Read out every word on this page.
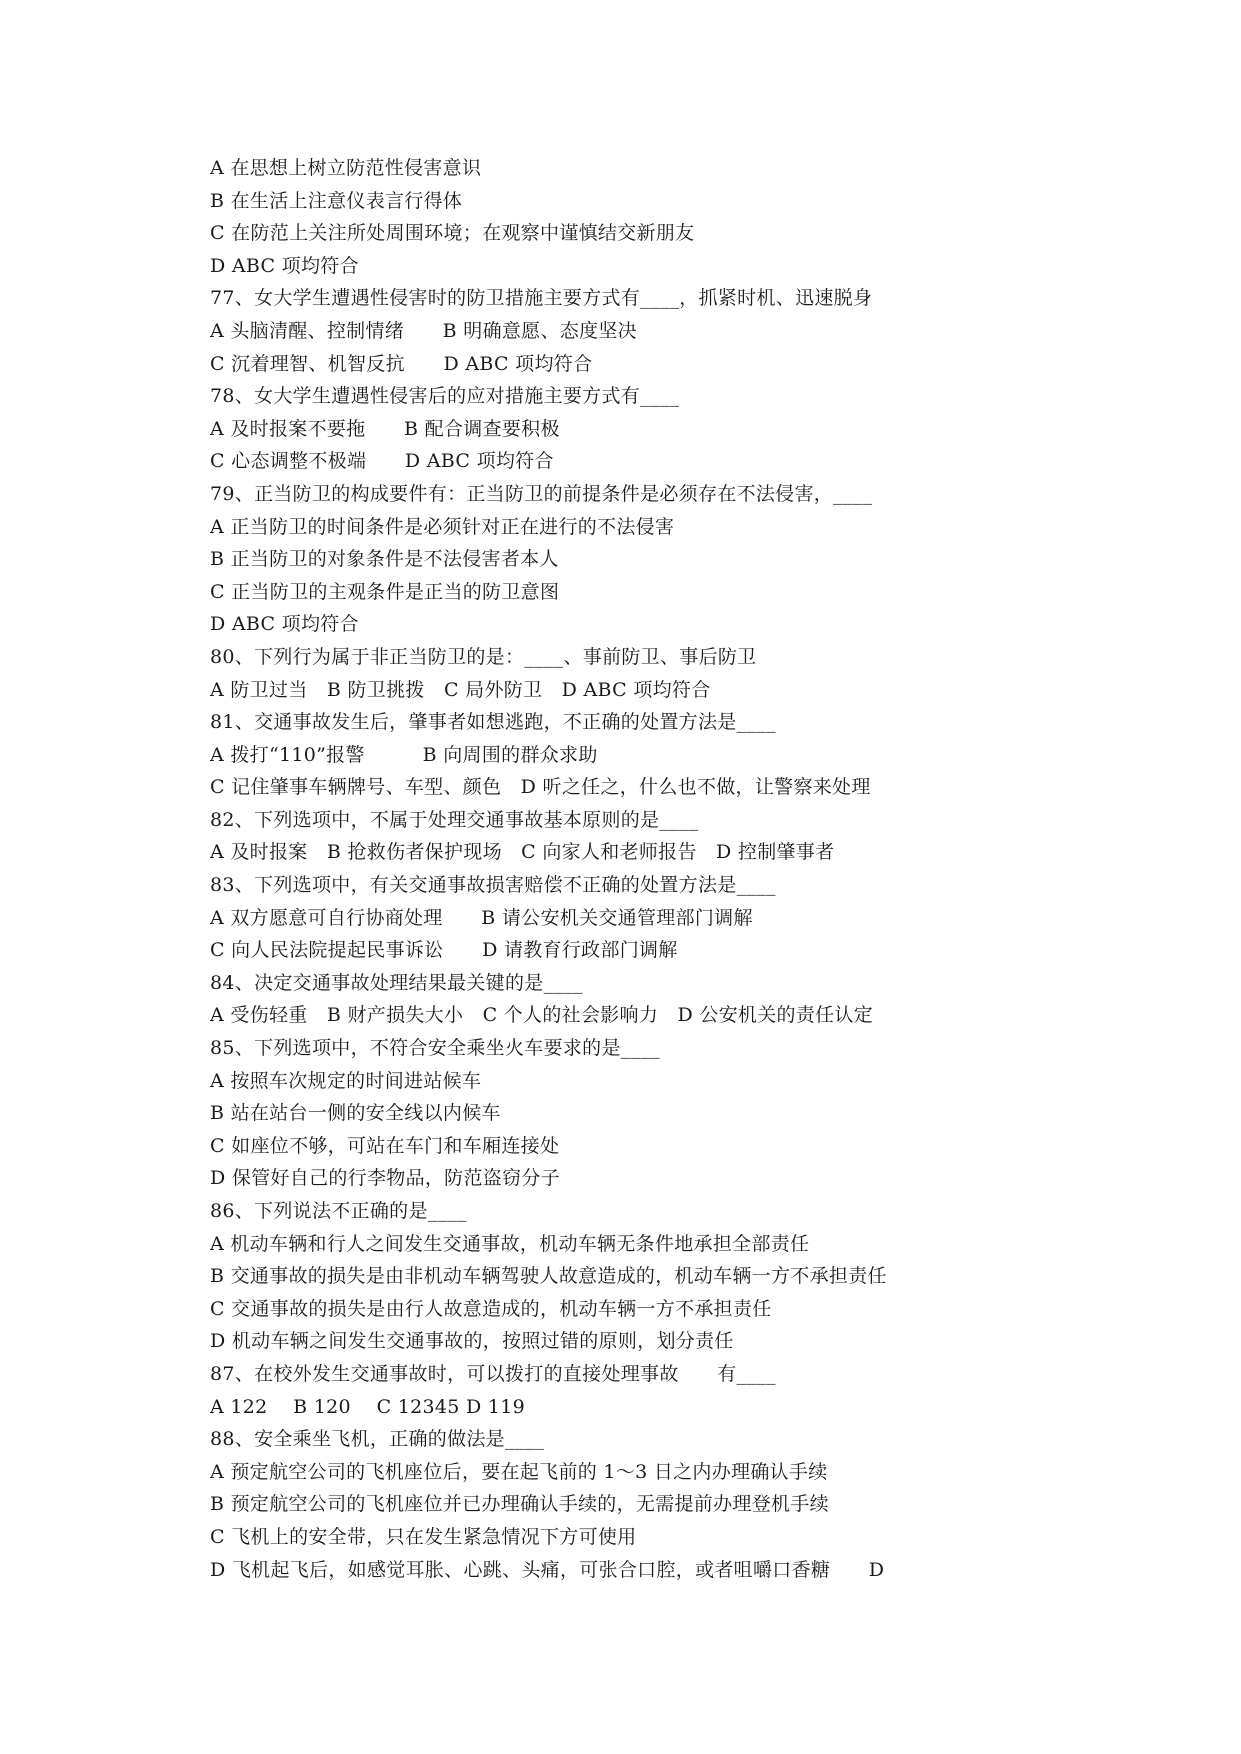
A 在思想上树立防范性侵害意识
B 在生活上注意仪表言行得体
C 在防范上关注所处周围环境；在观察中谨慎结交新朋友
D ABC 项均符合
77、女大学生遭遇性侵害时的防卫措施主要方式有____，抓紧时机、迅速脱身
A 头脑清醒、控制情绪　　B 明确意愿、态度坚决
C 沉着理智、机智反抗　　D ABC 项均符合
78、女大学生遭遇性侵害后的应对措施主要方式有____
A 及时报案不要拖　　B 配合调查要积极
C 心态调整不极端　　D ABC 项均符合
79、正当防卫的构成要件有：正当防卫的前提条件是必须存在不法侵害，____
A 正当防卫的时间条件是必须针对正在进行的不法侵害
B 正当防卫的对象条件是不法侵害者本人
C 正当防卫的主观条件是正当的防卫意图
D ABC 项均符合
80、下列行为属于非正当防卫的是：____、事前防卫、事后防卫
A 防卫过当　B 防卫挑拨　C 局外防卫　D ABC 项均符合
81、交通事故发生后，肇事者如想逃跑，不正确的处置方法是____
A 拨打“110”报警　　　B 向周围的群众求助
C 记住肇事车辆牌号、车型、颜色　D 听之任之，什么也不做，让警察来处理
82、下列选项中，不属于处理交通事故基本原则的是____
A 及时报案　B 抢救伤者保护现场　C 向家人和老师报告　D 控制肇事者
83、下列选项中，有关交通事故损害赔偿不正确的处置方法是____
A 双方愿意可自行协商处理　　B 请公安机关交通管理部门调解
C 向人民法院提起民事诉讼　　D 请教育行政部门调解
84、决定交通事故处理结果最关键的是____
A 受伤轻重　B 财产损失大小　C 个人的社会影响力　D 公安机关的责任认定
85、下列选项中，不符合安全乘坐火车要求的是____
A 按照车次规定的时间进站候车
B 站在站台一侧的安全线以内候车
C 如座位不够，可站在车门和车厢连接处
D 保管好自己的行李物品，防范盗窃分子
86、下列说法不正确的是____
A 机动车辆和行人之间发生交通事故，机动车辆无条件地承担全部责任
B 交通事故的损失是由非机动车辆驾驶人故意造成的，机动车辆一方不承担责任
C 交通事故的损失是由行人故意造成的，机动车辆一方不承担责任
D 机动车辆之间发生交通事故的，按照过错的原则，划分责任
87、在校外发生交通事故时，可以拨打的直接处理事故　　有____
A 122　 B 120　 C 12345 D 119
88、安全乘坐飞机，正确的做法是____
A 预定航空公司的飞机座位后，要在起飞前的 1～3 日之内办理确认手续
B 预定航空公司的飞机座位并已办理确认手续的，无需提前办理登机手续
C 飞机上的安全带，只在发生紧急情况下方可使用
D 飞机起飞后，如感觉耳胀、心跳、头痛，可张合口腔，或者咀嚼口香糖　　D
